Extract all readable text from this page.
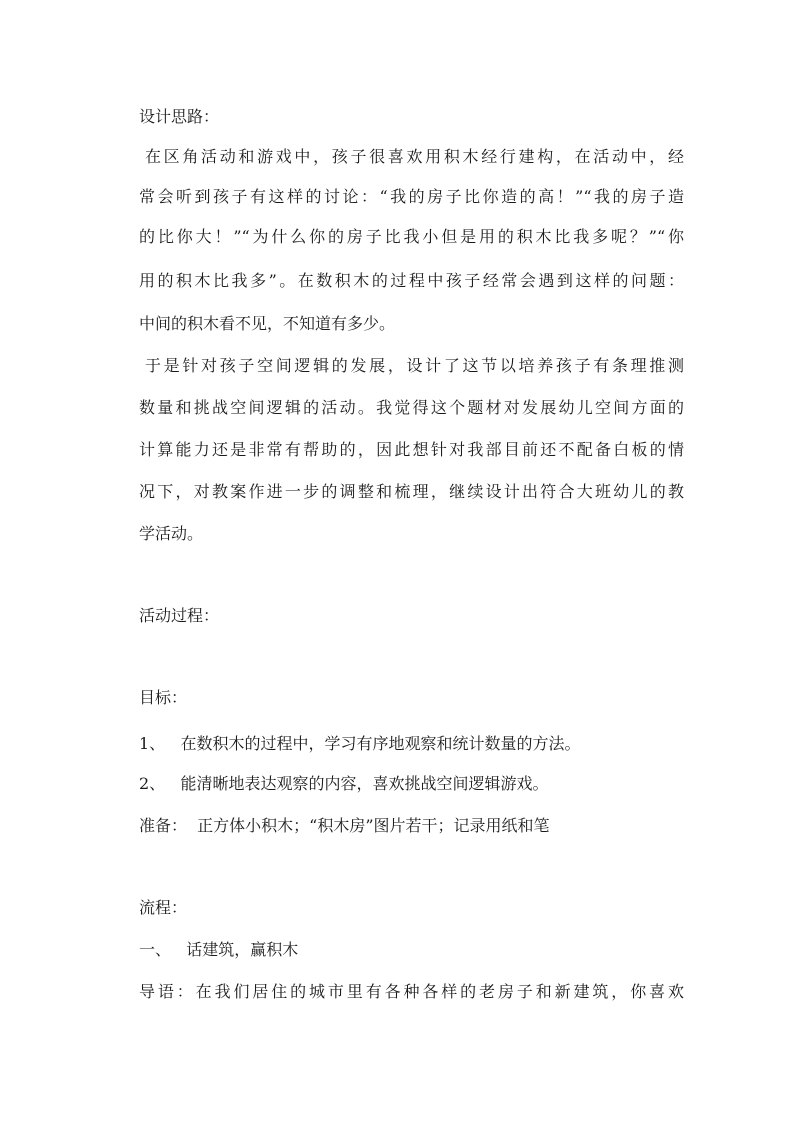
设计思路：
在区角活动和游戏中，孩子很喜欢用积木经行建构，在活动中，经
常会听到孩子有这样的讨论：“我的房子比你造的高！”“我的房子造
的比你大！”“为什么你的房子比我小但是用的积木比我多呢？”“你
用的积木比我多”。在数积木的过程中孩子经常会遇到这样的问题：
中间的积木看不见，不知道有多少。
于是针对孩子空间逻辑的发展，设计了这节以培养孩子有条理推测
数量和挑战空间逻辑的活动。我觉得这个题材对发展幼儿空间方面的
计算能力还是非常有帮助的，因此想针对我部目前还不配备白板的情
况下，对教案作进一步的调整和梳理，继续设计出符合大班幼儿的教
学活动。
活动过程：
目标：
1、   在数积木的过程中，学习有序地观察和统计数量的方法。
2、   能清晰地表达观察的内容，喜欢挑战空间逻辑游戏。
准备：  正方体小积木；“积木房”图片若干；记录用纸和笔
流程：
一、   话建筑，赢积木
导语：在我们居住的城市里有各种各样的老房子和新建筑，你喜欢
